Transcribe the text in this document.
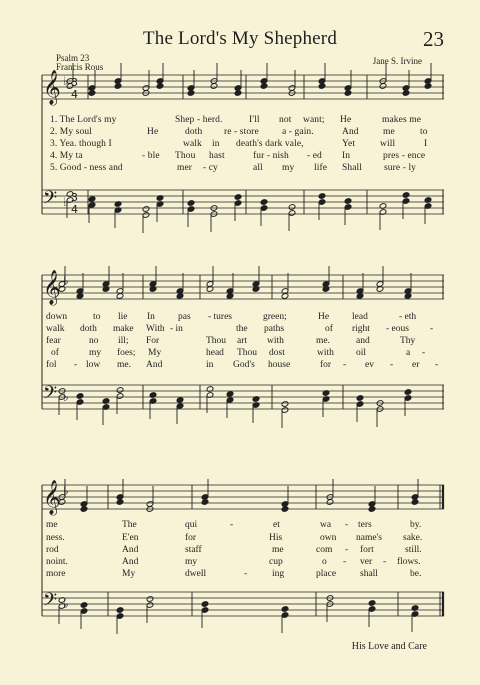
The Lord's My Shepherd	23
Psalm 23
Francis Rous
Jane S. Irvine
𝄞
𝄢
♭
♭
3
4
3
4
𝄞
𝄢
♭
♭
𝄞
𝄢
♭
♭
1. The Lord's my	Shep - herd.	I'll not want; He	makes me
2. My soul	He	doth re - store a - gain.	And	me	to
3. Yea. though I	walk in death's dark vale,	Yet	will	I
4. My ta	- ble Thou hast	fur - nish - ed In	pres - ence
5. Good - ness and	mer - cy	all my life Shall sure - ly
down	to lie In pas - tures	green;	He lead	- eth
walk doth make With - in	the paths	of right - eous -
fear	no ill; For	Thou art with	me.	and	Thy
of	my foes; My	head Thou dost	with oil	a -
fol - low me. And	in God's house	for - ev - er -
me	The	qui	-	et	wa - ters	by.
ness.	E'en	for	His	own name's sake.
rod	And	staff	me	com - fort	still.
noint.	And	my	cup	o - ver - flows.
more	My	dwell	-	ing	place	shall	be.
His Love and Care
